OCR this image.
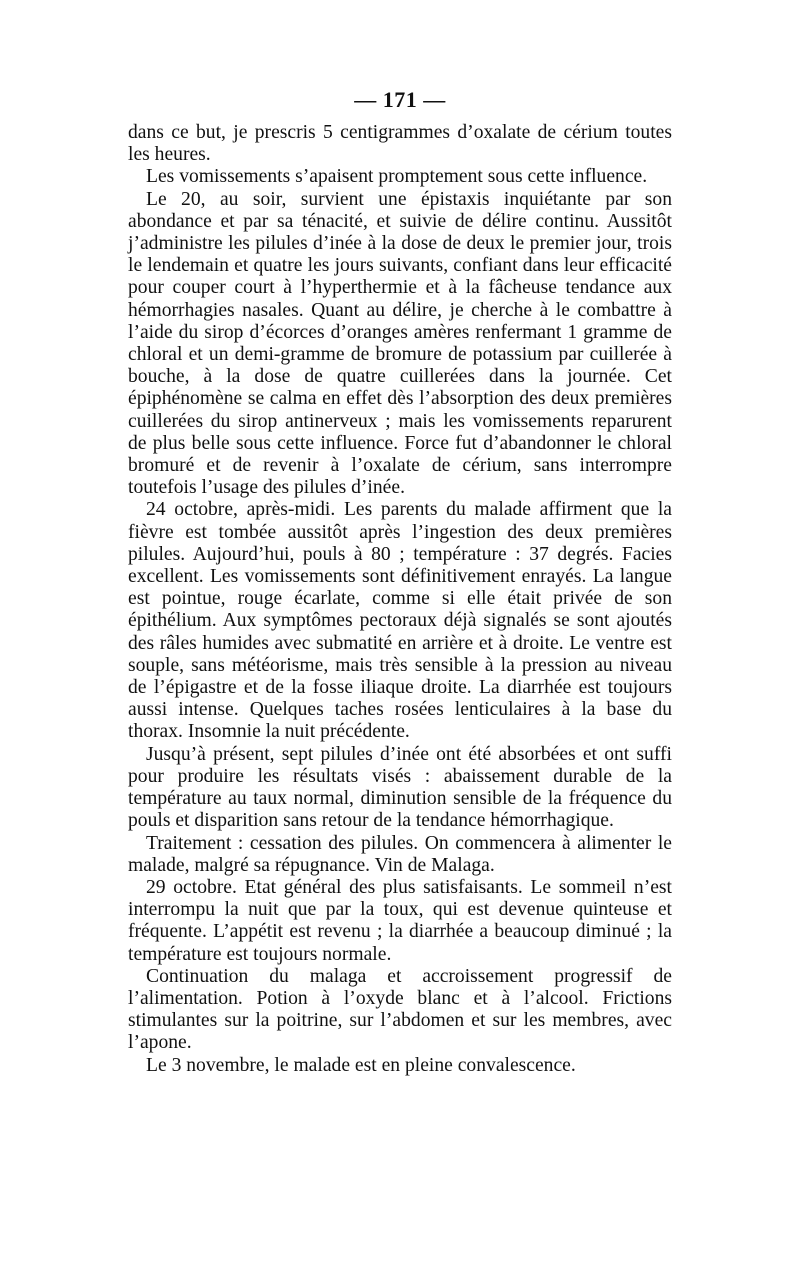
— 171 —

dans ce but, je prescris 5 centigrammes d’oxalate de cérium toutes les heures.

Les vomissements s’apaisent promptement sous cette influence.

Le 20, au soir, survient une épistaxis inquiétante par son abondance et par sa ténacité, et suivie de délire continu. Aussitôt j’administre les pilules d’inée à la dose de deux le premier jour, trois le lendemain et quatre les jours suivants, confiant dans leur efficacité pour couper court à l’hyperthermie et à la fâcheuse tendance aux hémorrhagies nasales. Quant au délire, je cherche à le combattre à l’aide du sirop d’écorces d’oranges amères renfermant 1 gramme de chloral et un demi-gramme de bromure de potassium par cuillerée à bouche, à la dose de quatre cuillerées dans la journée. Cet épiphénomène se calma en effet dès l’absorption des deux premières cuillerées du sirop antinerveux ; mais les vomissements reparurent de plus belle sous cette influence. Force fut d’abandonner le chloral bromuré et de revenir à l’oxalate de cérium, sans interrompre toutefois l’usage des pilules d’inée.

24 octobre, après-midi. Les parents du malade affirment que la fièvre est tombée aussitôt après l’ingestion des deux premières pilules. Aujourd’hui, pouls à 80 ; température : 37 degrés. Facies excellent. Les vomissements sont définitivement enrayés. La langue est pointue, rouge écarlate, comme si elle était privée de son épithélium. Aux symptômes pectoraux déjà signalés se sont ajoutés des râles humides avec submatité en arrière et à droite. Le ventre est souple, sans météorisme, mais très sensible à la pression au niveau de l’épigastre et de la fosse iliaque droite. La diarrhée est toujours aussi intense. Quelques taches rosées lenticulaires à la base du thorax. Insomnie la nuit précédente.

Jusqu’à présent, sept pilules d’inée ont été absorbées et ont suffi pour produire les résultats visés : abaissement durable de la température au taux normal, diminution sensible de la fréquence du pouls et disparition sans retour de la tendance hémorrhagique.

Traitement : cessation des pilules. On commencera à alimenter le malade, malgré sa répugnance. Vin de Malaga.

29 octobre. Etat général des plus satisfaisants. Le sommeil n’est interrompu la nuit que par la toux, qui est devenue quinteuse et fréquente. L’appétit est revenu ; la diarrhée a beaucoup diminué ; la température est toujours normale.

Continuation du malaga et accroissement progressif de l’alimentation. Potion à l’oxyde blanc et à l’alcool. Frictions stimulantes sur la poitrine, sur l’abdomen et sur les membres, avec l’apone.

Le 3 novembre, le malade est en pleine convalescence.
